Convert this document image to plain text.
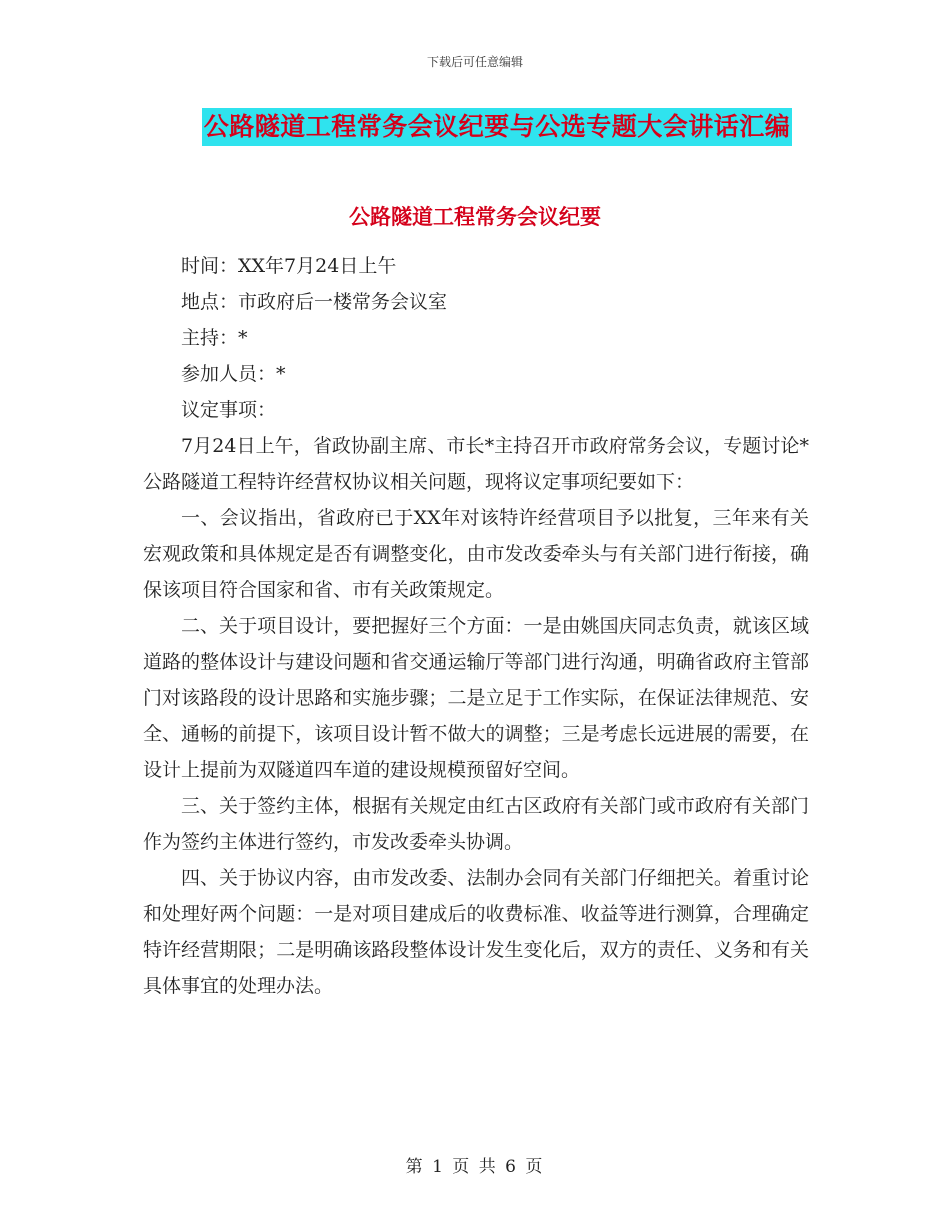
下载后可任意编辑
公路隧道工程常务会议纪要与公选专题大会讲话汇编
公路隧道工程常务会议纪要

时间：XX年7月24日上午

地点：市政府后一楼常务会议室

主持：*

参加人员：*

议定事项：

7月24日上午，省政协副主席、市长*主持召开市政府常务会议，专题讨论*公路隧道工程特许经营权协议相关问题，现将议定事项纪要如下：

一、会议指出，省政府已于XX年对该特许经营项目予以批复，三年来有关宏观政策和具体规定是否有调整变化，由市发改委牵头与有关部门进行衔接，确保该项目符合国家和省、市有关政策规定。

二、关于项目设计，要把握好三个方面：一是由姚国庆同志负责，就该区域道路的整体设计与建设问题和省交通运输厅等部门进行沟通，明确省政府主管部门对该路段的设计思路和实施步骤；二是立足于工作实际，在保证法律规范、安全、通畅的前提下，该项目设计暂不做大的调整；三是考虑长远进展的需要，在设计上提前为双隧道四车道的建设规模预留好空间。

三、关于签约主体，根据有关规定由红古区政府有关部门或市政府有关部门作为签约主体进行签约，市发改委牵头协调。

四、关于协议内容，由市发改委、法制办会同有关部门仔细把关。着重讨论和处理好两个问题：一是对项目建成后的收费标准、收益等进行测算，合理确定特许经营期限；二是明确该路段整体设计发生变化后，双方的责任、义务和有关具体事宜的处理办法。

第 1 页 共 6 页
